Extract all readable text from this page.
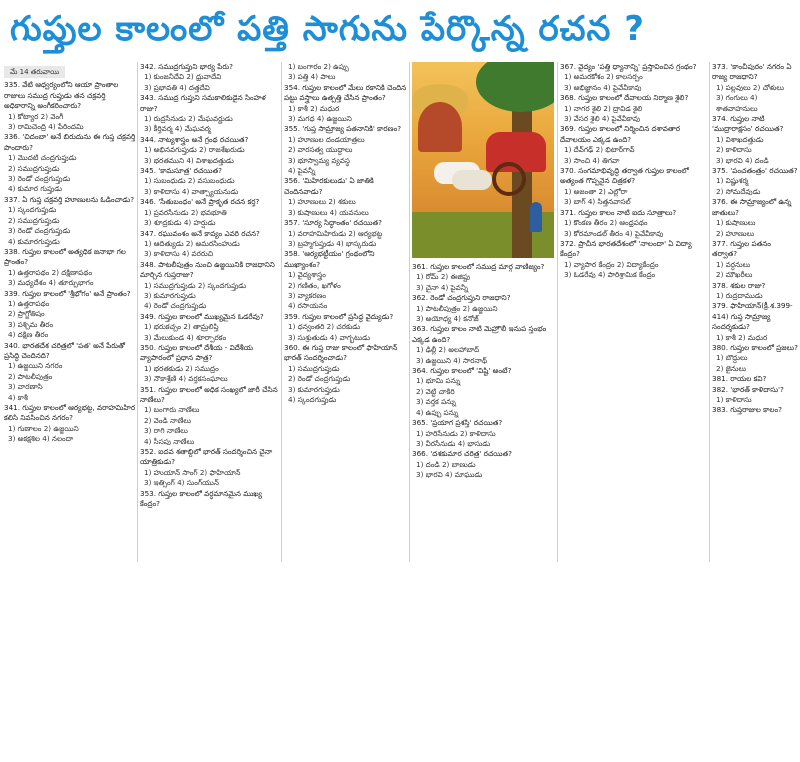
గుప్తుల కాలంలో పత్తి సాగును పేర్కొన్న రచన ?
మే 14 తరువాయి

335. వేటి ఆధ్వర్యంలోని ఆయా ప్రాంతాల రాజులు సముద్ర గుప్తుడు తన చక్రవర్తి అధికారాన్ని అంగీకరించారు?

1) కోట్యార 2) వెంగీ

3) రామిచెంద్రి 4) పేరిందమి

336. 'చిదంబా' అనే బిరుదును ఈ గుప్త చక్రవర్తి పొందారు?

1) మొదటి చంద్రగుప్తుడు

2) సముద్రగుప్తుడు

3) రెండో చంద్రగుప్తుడు

4) కుమార గుప్తుడు

337. ఏ గుప్త చక్రవర్తి హూణులను ఓడించాడు?

1) స్కందగుప్తుడు

2) సముద్రగుప్తుడు

3) రెండో చంద్రగుప్తుడు

4) కుమారగుప్తుడు

338. గుప్తుల కాలంలో అత్యధిక జనాభా గల ప్రాంతం?

1) ఉత్తరాపథం 2) దక్షిణాపథం

3) మధ్యదేశం 4) తూర్పుభాగం

339. గుప్తుల కాలంలో 'శ్రీభోగం' అనే ప్రాంతం?

1) ఉత్తరాపథం

2) ప్రాగ్జోతిషం

3) పశ్చిమ తీరం

4) దక్షిణ తీరం

340. భారతదేశ చరిత్రలో 'పత' అనే పేరుతో ప్రసిద్ధి చెందినది?

1) ఉజ్జయిని నగరం

2) పాటలీపుత్రం

3) వారణాసి

4) కాశీ

341. గుప్తుల కాలంలో ఆర్యభట్ట, వరాహమిహిర కలిసి నివసించిన నగరం?

1) గుణాలం 2) ఉజ్జయిని

3) అకక్షశిల 4) నలందా

342. సముద్రగుప్తుని భార్య పేరు?

1) కుంజనీదేవి 2) ధ్రువాదేవి

3) ప్రభావతి 4) దత్తదేవి

343. సముద్ర గుప్తుని సమకాలికుడైన సింహళ రాజు?

1) రుద్రసేనుడు 2) మేఘవర్ణుడు

3) కీర్తివర్మ 4) మేఘవర్మ

344. నాట్యశాస్త్రం అనే గ్రంథ రచయిత?

1) అభినవగుప్తుడు 2) రాజశేఖరుడు

3) భరతముని 4) విశాఖదత్తుడు

345. 'కామసూత్ర' రచయిత?

1) సుబంధుడు 2) వసుబంధుడు

3) కాళిదాసు 4) వాత్స్యాయనుడు

346. 'సేతుబంధం' అనే ప్రాకృత రచన కర్త?

1) ప్రవరసేనుడు 2) భవభూతి

3) శూద్రకుడు 4) హర్షుడు

347. రఘువంశం అనే కావ్యం ఎవరి రచన?

1) ఆదిత్యుడు 2) అమరసింహుడు

3) కాళిదాసు 4) వరరుచి

348. పాటలీపుత్రం నుంచి ఉజ్జయినికి రాజధానిని మార్చిన గుప్తరాజు?

1) సముద్రగుప్తుడు 2) స్కందగుప్తుడు

3) కుమారగుప్తుడు

4) రెండో చంద్రగుప్తుడు

349. గుప్తుల కాలంలో ముఖ్యమైన ఓడరేవు?

1) భరుకచ్చం 2) తామ్రలిప్తి

3) మేలుకుండ 4) శూర్పారకం

350. గుప్తుల కాలంలో దేశీయ - విదేశీయ వ్యాపారంలో ప్రధాన పాత్ర?

1) భరతకుడు 2) సముద్రం

3) నౌకాశ్రేణి 4) వర్తకసంఘాలు

351. గుప్తుల కాలంలో అధిక సంఖ్యలో జారీ చేసిన నాణేలు?

1) బంగారు నాణేలు

2) వెండి నాణేలు

3) రాగి నాణేలు

4) సీసపు నాణేలు

352. ఐదవ శతాబ్దిలో భారత్ సందర్శించిన చైనా యాత్రికుడు?

1) హుయాన్ సాంగ్ 2) ఫాహియాన్

3) ఇత్సింగ్ 4) సుంగ్‌యున్

353. గుప్తుల కాలంలో వర్ధమానమైన ముఖ్య కేంద్రం?

1) బంగారం 2) ఉప్పు

3) పత్తి 4) పాలు

354. గుప్తుల కాలంలో మేలు రకానికి చెందిన పట్టు వస్త్రాలు ఉత్పత్తి చేసిన ప్రాంతం?

1) కాశీ 2) మధుర

3) మగధ 4) ఉజ్జయిని

355. 'గుప్త సామ్రాజ్య పతనానికి' కారణం?

1) హూణుల దండయాత్రలు

2) వారసత్వ యుద్ధాలు

3) భూస్వామ్య వ్యవస్థ

4) పైవన్నీ

356. 'మిహిరకులుడు' ఏ జాతికి చెందినవాడు?

1) హూణులు 2) శకులు

3) కుషాణులు 4) యవనులు

357. 'సూర్య సిద్ధాంతం' రచయిత?

1) వరాహమిహిరుడు 2) ఆర్యభట్ట

3) బ్రహ్మగుప్తుడు 4) భాస్కరుడు

358. 'ఆర్యభట్టీయం' గ్రంథంలోని ముఖ్యాంశం?

1) వైద్యశాస్త్రం

2) గణితం, ఖగోళం

3) వ్యాకరణం

4) రసాయనం

359. గుప్తుల కాలంలో ప్రసిద్ధ వైద్యుడు?

1) ధన్వంతరి 2) చరకుడు

3) సుశ్రుతుడు 4) వాగ్భటుడు

360. ఈ గుప్త రాజు కాలంలో ఫాహియాన్ భారత్ సందర్శించాడు?

1) సముద్రగుప్తుడు

2) రెండో చంద్రగుప్తుడు

3) కుమారగుప్తుడు

4) స్కందగుప్తుడు

361. గుప్తుల కాలంలో సముద్ర మార్గ వాణిజ్యం?

1) రోమ్ 2) ఈజిప్టు

3) చైనా 4) పైవన్నీ

362. రెండో చంద్రగుప్తుని రాజధాని?

1) పాటలీపుత్రం 2) ఉజ్జయిని

3) అయోధ్య 4) కనోజ్

363. గుప్తుల కాలం నాటి మెహ్రౌలీ ఇనుప స్తంభం ఎక్కడ ఉంది?

1) ఢిల్లీ 2) అలహాబాద్

3) ఉజ్జయిని 4) సారనాథ్

364. గుప్తుల కాలంలో 'విష్టి' అంటే?

1) భూమి పన్ను

2) వెట్టి చాకిరి

3) వర్తక పన్ను

4) ఉప్పు పన్ను

365. 'ప్రయాగ ప్రశస్తి' రచయిత?

1) హరిసేనుడు 2) కాళిదాసు

3) వీరసేనుడు 4) భాసుడు

366. 'దశకుమార చరిత్ర' రచయిత?

1) దండి 2) బాణుడు

3) భారవి 4) మాఘుడు

367. వైద్యం 'పత్తి ధ్యానాన్ని' ప్రస్తావించిన గ్రంథం?

1) అమరకోశం 2) కాలసర్పం

3) అభిజ్ఞానం 4) పైవేవీకావు

368. గుప్తుల కాలంలో దేవాలయ నిర్మాణ శైలి?

1) నాగర శైలి 2) ద్రావిడ శైలి

3) వేసర శైలి 4) పైవేవీకావు

369. గుప్తుల కాలంలో నిర్మించిన దశావతార దేవాలయం ఎక్కడ ఉంది?

1) దేవ్‌గఢ్ 2) భిటార్‌గావ్

3) సాంచి 4) తిగవా

370. సంగమాభివృద్ధి తర్వాత గుప్తుల కాలంలో అత్యంత గొప్పనైన చిత్రకళ?

1) అజంతా 2) ఎల్లోరా

3) బాగ్ 4) సిత్తనవాసల్

371. గుప్తుల కాలం నాటి ఐదు సూత్రాలు?

1) కొంకణ తీరం 2) ఆంధ్రపథం

3) కోరమాండల్ తీరం 4) పైవేవీకావు

372. ప్రాచీన భారతదేశంలో 'నాలందా' ఏ విద్యా కేంద్రం?

1) వ్యాపార కేంద్రం 2) విద్యాకేంద్రం

3) ఓడరేవు 4) పారిశ్రామిక కేంద్రం

373. 'కాంచీపురం' నగరం ఏ రాజ్య రాజధాని?

1) పల్లవులు 2) చోళులు

3) గంగులు 4) శాతవాహనులు

374. గుప్తుల నాటి 'ముద్రారాక్షసం' రచయిత?

1) విశాఖదత్తుడు

2) కాళిదాసు

3) భారవి 4) దండి

375. 'పంచతంత్రం' రచయిత?

1) విష్ణుశర్మ

2) సోమదేవుడు

376. ఈ సామ్రాజ్యంలో ఉన్న జాతులు?

1) కుషాణులు

2) హూణులు

377. గుప్తుల పతనం తర్వాత?

1) వర్ధనులు

2) మౌఖరీలు

378. శకుల రాజు?

1) రుద్రదాముడు

379. ఫాహియాన్(క్రీ.శ.399-414) గుప్త సామ్రాజ్య సందర్శకుడు?

1) కాశీ 2) మధుర

380. గుప్తుల కాలంలో ప్రజలు?

1) బౌద్ధులు

2) జైనులు

381. రాయల కవి?

382. 'భారత్ కాళిదాసు'?

1) కాళిదాసు

383. గుప్తరాజుల కాలం?
